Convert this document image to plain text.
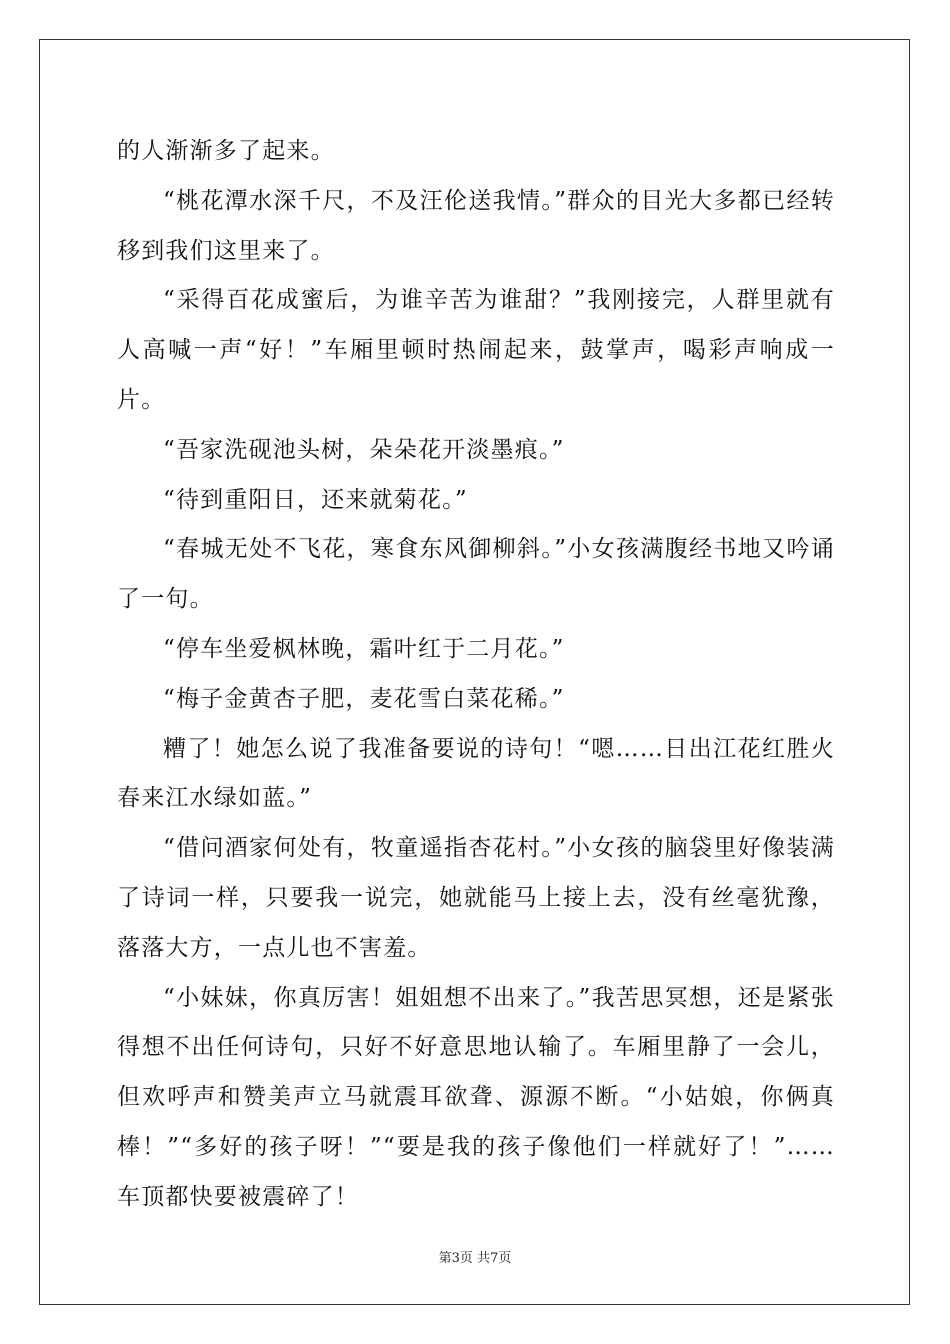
的人渐渐多了起来。

“桃花潭水深千尺，不及汪伦送我情。”群众的目光大多都已经转移到我们这里来了。

“采得百花成蜜后，为谁辛苦为谁甜？”我刚接完，人群里就有人高喊一声“好！”车厢里顿时热闹起来，鼓掌声，喝彩声响成一片。

“吾家洗砚池头树，朵朵花开淡墨痕。”

“待到重阳日，还来就菊花。”

“春城无处不飞花，寒食东风御柳斜。”小女孩满腹经书地又吟诵了一句。

“停车坐爱枫林晚，霜叶红于二月花。”

“梅子金黄杏子肥，麦花雪白菜花稀。”

糟了！她怎么说了我准备要说的诗句！“嗯……日出江花红胜火春来江水绿如蓝。”

“借问酒家何处有，牧童遥指杏花村。”小女孩的脑袋里好像装满了诗词一样，只要我一说完，她就能马上接上去，没有丝毫犹豫，落落大方，一点儿也不害羞。

“小妹妹，你真厉害！姐姐想不出来了。”我苦思冥想，还是紧张得想不出任何诗句，只好不好意思地认输了。车厢里静了一会儿，但欢呼声和赞美声立马就震耳欲聋、源源不断。“小姑娘，你俩真棒！”“多好的孩子呀！”“要是我的孩子像他们一样就好了！”……车顶都快要被震碎了！

第3页 共7页
